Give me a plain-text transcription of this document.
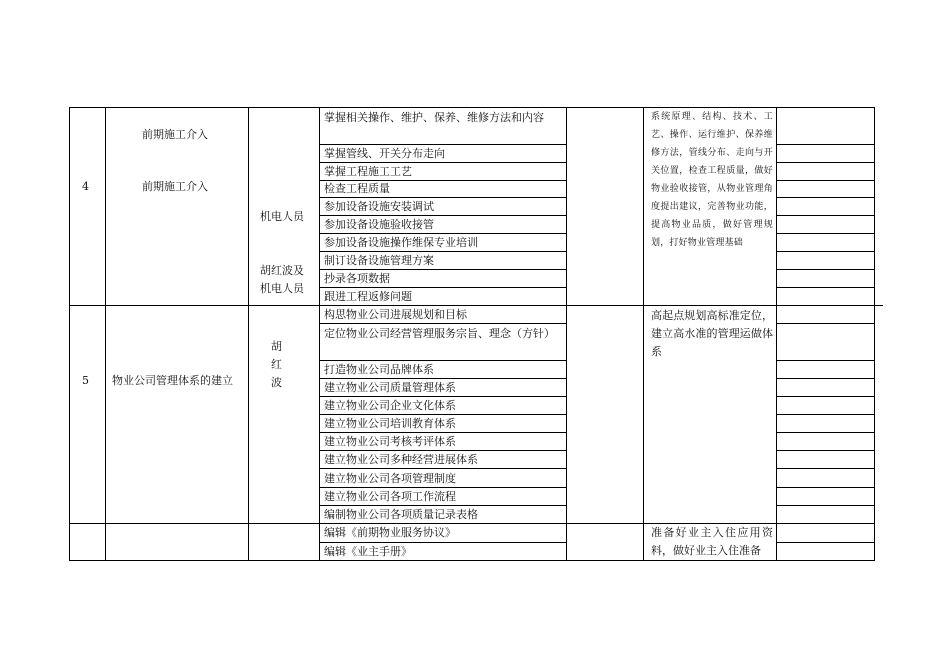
4
前期施工介入
前期施工介入
机电人员
胡红波及
机电人员
掌握相关操作、维护、保养、维修方法和内容
掌握管线、开关分布走向
掌握工程施工工艺
检查工程质量
参加设备设施安装调试
参加设备设施验收接管
参加设备设施操作维保专业培训
制订设备设施管理方案
抄录各项数据
跟进工程返修问题
系统原理、结构、技术、工艺、操作、运行维护、保养维修方法，管线分布、走向与开关位置，检查工程质量，做好物业验收接管，从物业管理角度提出建议，完善物业功能，提高物业品质，做好管理规划，打好物业管理基础
5 物业公司管理体系的建立
胡
红
波
构思物业公司进展规划和目标
定位物业公司经营管理服务宗旨、理念（方针）
打造物业公司品牌体系
建立物业公司质量管理体系
建立物业公司企业文化体系
建立物业公司培训教育体系
建立物业公司考核考评体系
建立物业公司多种经营进展体系
建立物业公司各项管理制度
建立物业公司各项工作流程
编制物业公司各项质量记录表格
高起点规划高标准定位，建立高水准的管理运做体系
编辑《前期物业服务协议》
编辑《业主手册》
准备好业主入住应用资料，做好业主入住准备
